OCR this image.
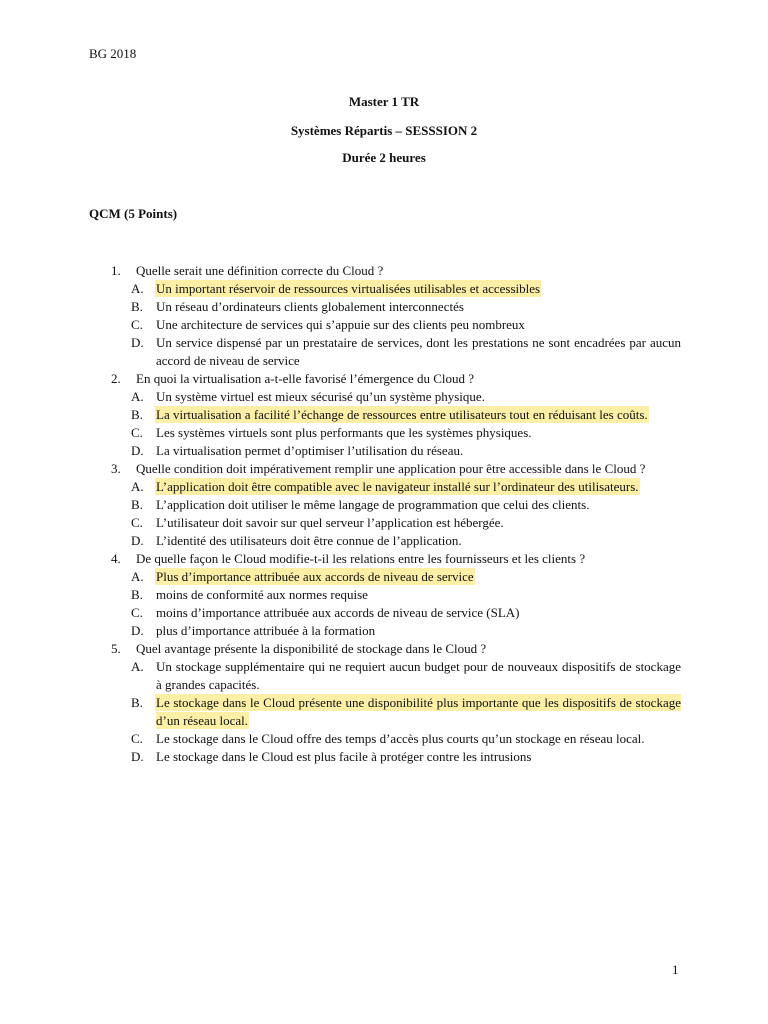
BG 2018
Master 1 TR
Systèmes Répartis – SESSSION 2
Durée 2 heures
QCM (5 Points)
1.	Quelle serait une définition correcte du Cloud ?
A. Un important réservoir de ressources virtualisées utilisables et accessibles
B.	Un réseau d’ordinateurs clients globalement interconnectés
C.	Une architecture de services qui s’appuie sur des clients peu nombreux
D. Un service dispensé par un prestataire de services, dont les prestations ne sont encadrées par aucun accord de niveau de service
2.	En quoi la virtualisation a-t-elle favorisé l’émergence du Cloud ?
A. Un système virtuel est mieux sécurisé qu’un système physique.
B.	La virtualisation a facilité l’échange de ressources entre utilisateurs tout en réduisant les coûts.
C.	Les systèmes virtuels sont plus performants que les systèmes physiques.
D. La virtualisation permet d’optimiser l’utilisation du réseau.
3.	Quelle condition doit impérativement remplir une application pour être accessible dans le Cloud ?
A. L’application doit être compatible avec le navigateur installé sur l’ordinateur des utilisateurs.
B.	L’application doit utiliser le même langage de programmation que celui des clients.
C.	L’utilisateur doit savoir sur quel serveur l’application est hébergée.
D. L’identité des utilisateurs doit être connue de l’application.
4.	De quelle façon le Cloud modifie-t-il les relations entre les fournisseurs et les clients ?
A. Plus d’importance attribuée aux accords de niveau de service
B.	moins de conformité aux normes requise
C.	moins d’importance attribuée aux accords de niveau de service (SLA)
D. plus d’importance attribuée à la formation
5.	Quel avantage présente la disponibilité de stockage dans le Cloud ?
A. Un stockage supplémentaire qui ne requiert aucun budget pour de nouveaux dispositifs de stockage à grandes capacités.
B.	Le stockage dans le Cloud présente une disponibilité plus importante que les dispositifs de stockage d’un réseau local.
C.	Le stockage dans le Cloud offre des temps d’accès plus courts qu’un stockage en réseau local.
D. Le stockage dans le Cloud est plus facile à protéger contre les intrusions
1
